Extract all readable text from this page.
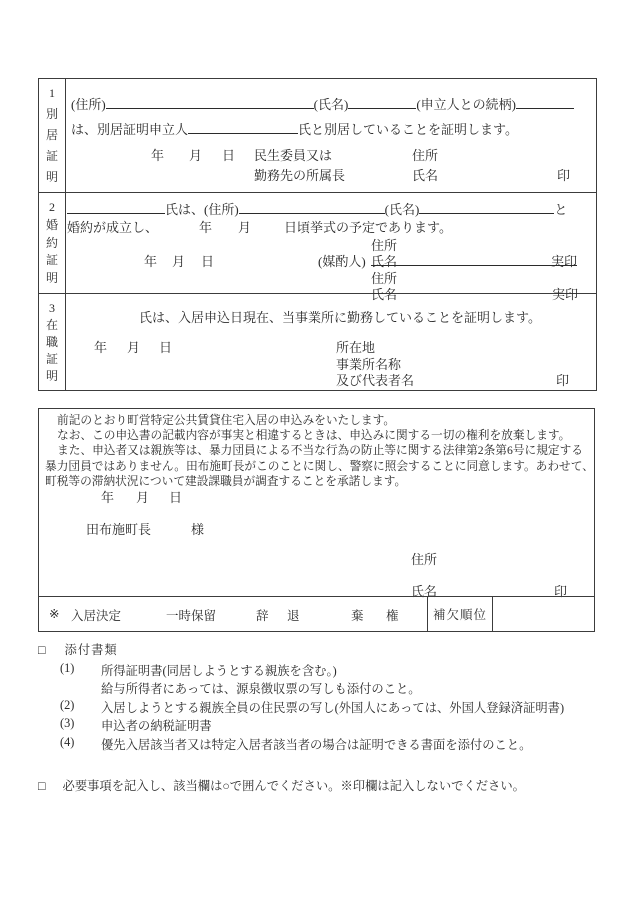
1
別
居
証
明
(住所)	(氏名)	(申立人との続柄)
は、別居証明申立人	氏と別居していることを証明します。
年 月 日 民生委員又は	住所
勤務先の所属長	氏名	印
2
婚
約
証
明
氏は、(住所)	(氏名)	と
婚約が成立し、	年 月	日頃挙式の予定であります。
住所
年 月 日	(媒酌人) 氏名	実印
住所
氏名	実印
3
在
職
証
明
氏は、入居申込日現在、当事業所に勤務していることを証明します。
年 月 日	所在地
事業所名称
及び代表者名	印
前記のとおり町営特定公共賃貸住宅入居の申込みをいたします。
なお、この申込書の記載内容が事実と相違するときは、申込みに関する一切の権利を放棄します。
また、申込者又は親族等は、暴力団員による不当な行為の防止等に関する法律第2条第6号に規定する
暴力団員ではありません。田布施町長がこのことに関し、警察に照会することに同意します。あわせて、
町税等の滞納状況について建設課職員が調査することを承諾します。
年 月 日
田布施町長	様
住所
氏名	印
※ 入居決定	一時保留	辞 退	棄 権	補欠順位
□ 添付書類
(1) 所得証明書(同居しようとする親族を含む。)
給与所得者にあっては、源泉徴収票の写しも添付のこと。
(2) 入居しようとする親族全員の住民票の写し(外国人にあっては、外国人登録済証明書)
(3) 申込者の納税証明書
(4) 優先入居該当者又は特定入居者該当者の場合は証明できる書面を添付のこと。
□ 必要事項を記入し、該当欄は○で囲んでください。※印欄は記入しないでください。
